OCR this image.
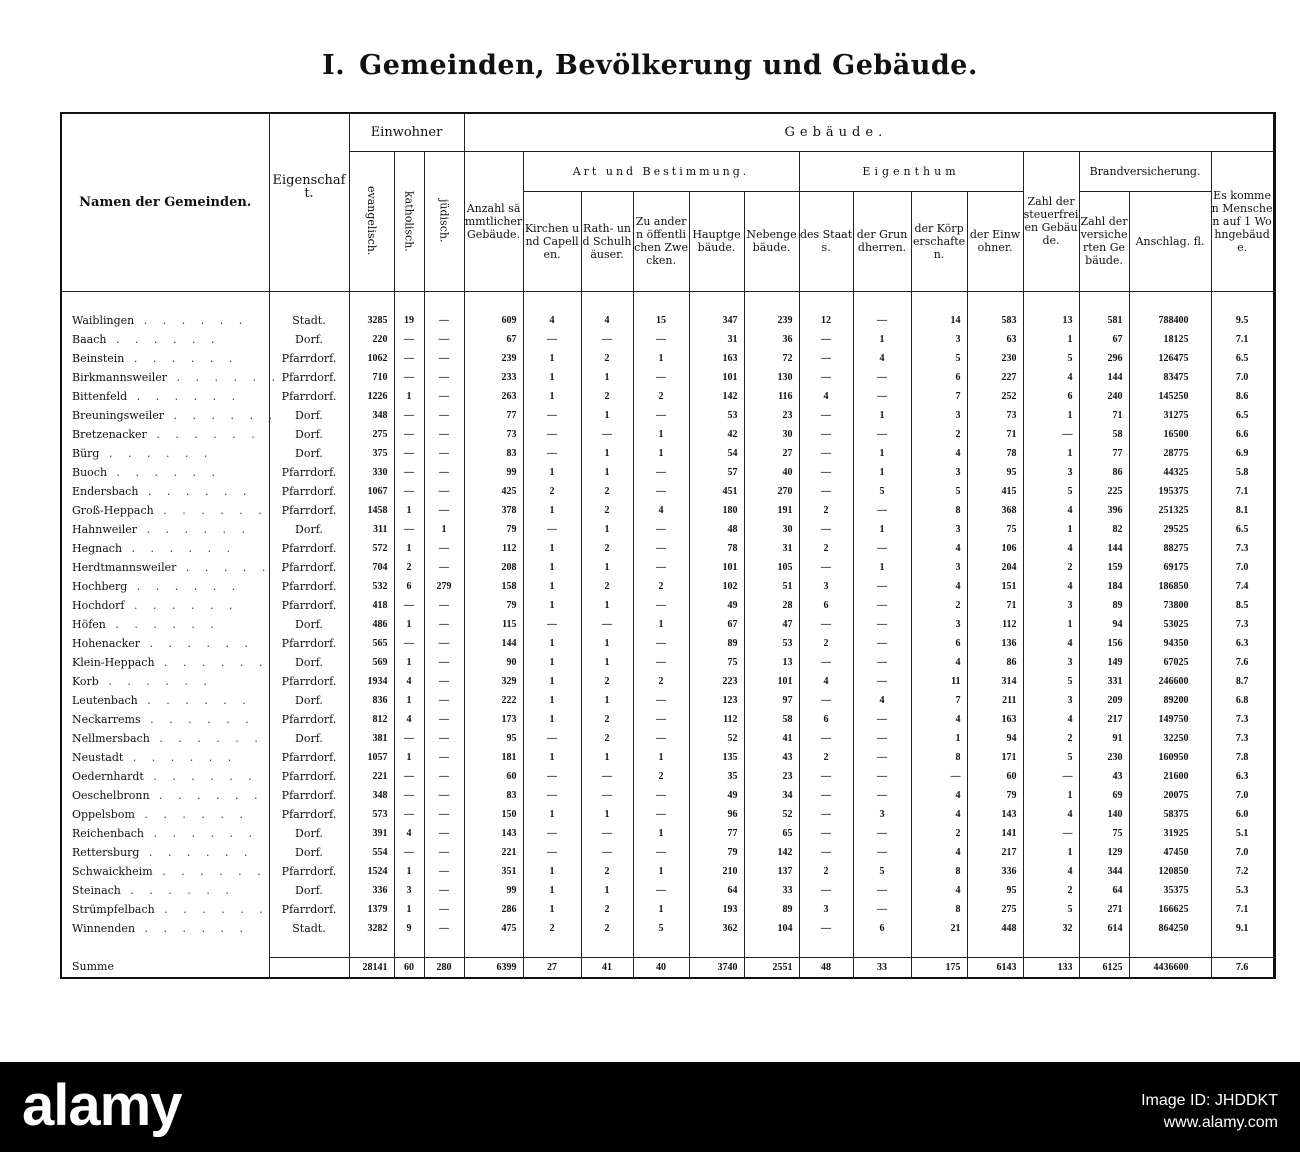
I. Gemeinden, Bevölkerung und Gebäude.
Namen der Gemeinden.	Eigenschaft.	Einwohner			Gebäude.													

		evangelisch.	katholisch.	jüdisch.	Anzahl sämmtlicher Gebäude.	Art und Bestimmung.					Eigenthum				Zahl der steuerfreien Gebäude.	Brandversicherung.		Es kommen Menschen auf 1 Wohngebäude.
						Kirchen und Capellen.	Rath- und Schulhäuser.	Zu andern öffentlichen Zwecken.	Hauptgebäude.	Nebengebäude.	des Staats.	der Grundherren.	der Körperschaften.	der Einwohner.		Zahl der versicherten Gebäude.	Anschlag. fl.	

Waiblingen . . . . . .	Stadt.	3285	19	—	609	4	4	15	347	239	12	—	14	583	13	581	788400	9.5
Baach . . . . . .	Dorf.	220	—	—	67	—	—	—	31	36	—	1	3	63	1	67	18125	7.1
Beinstein . . . . . .	Pfarrdorf.	1062	—	—	239	1	2	1	163	72	—	4	5	230	5	296	126475	6.5
Birkmannsweiler . . . . . .	Pfarrdorf.	710	—	—	233	1	1	—	101	130	—	—	6	227	4	144	83475	7.0
Bittenfeld . . . . . .	Pfarrdorf.	1226	1	—	263	1	2	2	142	116	4	—	7	252	6	240	145250	8.6
Breuningsweiler . . . . . .	Dorf.	348	—	—	77	—	1	—	53	23	—	1	3	73	1	71	31275	6.5
Bretzenacker . . . . . .	Dorf.	275	—	—	73	—	—	1	42	30	—	—	2	71	—	58	16500	6.6
Bürg . . . . . .	Dorf.	375	—	—	83	—	1	1	54	27	—	1	4	78	1	77	28775	6.9
Buoch . . . . . .	Pfarrdorf.	330	—	—	99	1	1	—	57	40	—	1	3	95	3	86	44325	5.8
Endersbach . . . . . .	Pfarrdorf.	1067	—	—	425	2	2	—	451	270	—	5	5	415	5	225	195375	7.1
Groß-Heppach . . . . . .	Pfarrdorf.	1458	1	—	378	1	2	4	180	191	2	—	8	368	4	396	251325	8.1
Hahnweiler . . . . . .	Dorf.	311	—	1	79	—	1	—	48	30	—	1	3	75	1	82	29525	6.5
Hegnach . . . . . .	Pfarrdorf.	572	1	—	112	1	2	—	78	31	2	—	4	106	4	144	88275	7.3
Herdtmannsweiler . . . . . .	Pfarrdorf.	704	2	—	208	1	1	—	101	105	—	1	3	204	2	159	69175	7.0
Hochberg . . . . . .	Pfarrdorf.	532	6	279	158	1	2	2	102	51	3	—	4	151	4	184	186850	7.4
Hochdorf . . . . . .	Pfarrdorf.	418	—	—	79	1	1	—	49	28	6	—	2	71	3	89	73800	8.5
Höfen . . . . . .	Dorf.	486	1	—	115	—	—	1	67	47	—	—	3	112	1	94	53025	7.3
Hohenacker . . . . . .	Pfarrdorf.	565	—	—	144	1	1	—	89	53	2	—	6	136	4	156	94350	6.3
Klein-Heppach . . . . . .	Dorf.	569	1	—	90	1	1	—	75	13	—	—	4	86	3	149	67025	7.6
Korb . . . . . .	Pfarrdorf.	1934	4	—	329	1	2	2	223	101	4	—	11	314	5	331	246600	8.7
Leutenbach . . . . . .	Dorf.	836	1	—	222	1	1	—	123	97	—	4	7	211	3	209	89200	6.8
Neckarrems . . . . . .	Pfarrdorf.	812	4	—	173	1	2	—	112	58	6	—	4	163	4	217	149750	7.3
Nellmersbach . . . . . .	Dorf.	381	—	—	95	—	2	—	52	41	—	—	1	94	2	91	32250	7.3
Neustadt . . . . . .	Pfarrdorf.	1057	1	—	181	1	1	1	135	43	2	—	8	171	5	230	160950	7.8
Oedernhardt . . . . . .	Pfarrdorf.	221	—	—	60	—	—	2	35	23	—	—	—	60	—	43	21600	6.3
Oeschelbronn . . . . . .	Pfarrdorf.	348	—	—	83	—	—	—	49	34	—	—	4	79	1	69	20075	7.0
Oppelsbom . . . . . .	Pfarrdorf.	573	—	—	150	1	1	—	96	52	—	3	4	143	4	140	58375	6.0
Reichenbach . . . . . .	Dorf.	391	4	—	143	—	—	1	77	65	—	—	2	141	—	75	31925	5.1
Rettersburg . . . . . .	Dorf.	554	—	—	221	—	—	—	79	142	—	—	4	217	1	129	47450	7.0
Schwaickheim . . . . . .	Pfarrdorf.	1524	1	—	351	1	2	1	210	137	2	5	8	336	4	344	120850	7.2
Steinach . . . . . .	Dorf.	336	3	—	99	1	1	—	64	33	—	—	4	95	2	64	35375	5.3
Strümpfelbach . . . . . .	Pfarrdorf.	1379	1	—	286	1	2	1	193	89	3	—	8	275	5	271	166625	7.1
Winnenden . . . . . .	Stadt.	3282	9	—	475	2	2	5	362	104	—	6	21	448	32	614	864250	9.1

Summe		28141	60	280	6399	27	41	40	3740	2551	48	33	175	6143	133	6125	4436600	7.6
alamy	Image ID: JHDDKT
www.alamy.com
